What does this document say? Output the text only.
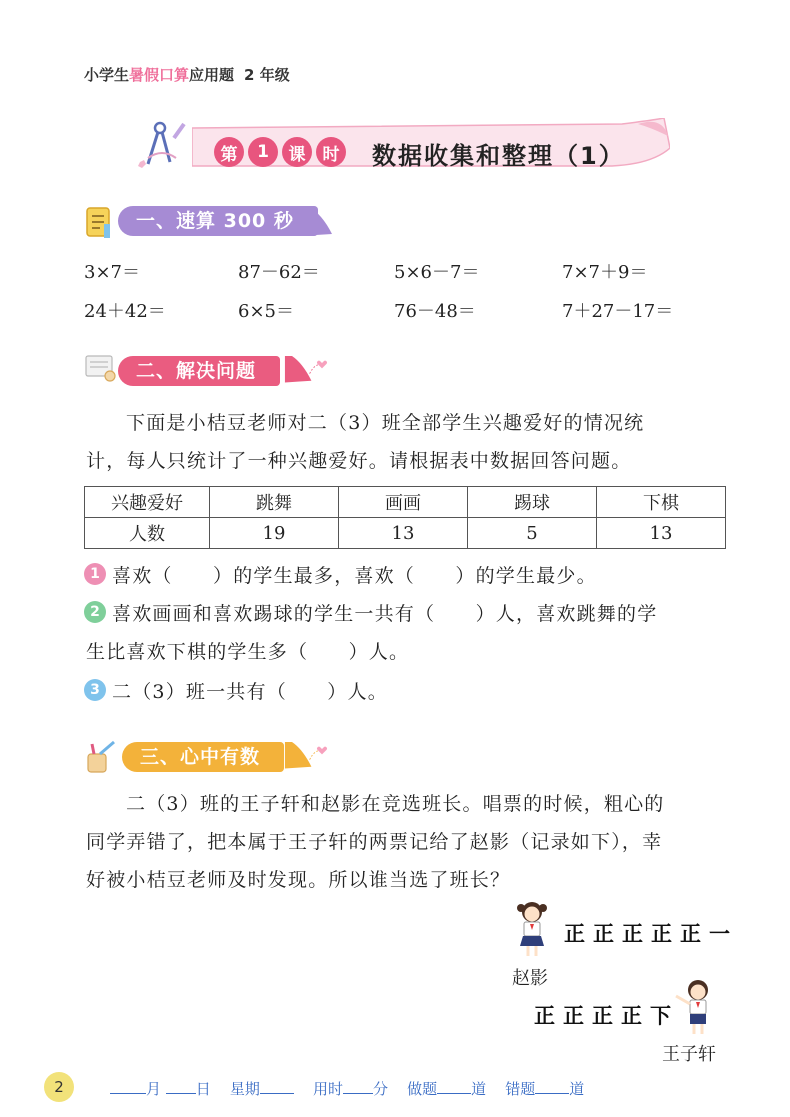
小学生暑假口算应用题 2 年级
第	1	课	时 数据收集和整理（1）
一、速算 300 秒
3×7＝	87－62＝	5×6－7＝	7×7＋9＝
24＋42＝	6×5＝	76－48＝	7＋27－17＝
二、解决问题
下面是小桔豆老师对二（3）班全部学生兴趣爱好的情况统
计，每人只统计了一种兴趣爱好。请根据表中数据回答问题。
兴趣爱好	跳舞	画画	踢球	下棋
人数	19	13	5	13
1 喜欢（　　）的学生最多，喜欢（　　）的学生最少。
2 喜欢画画和喜欢踢球的学生一共有（　　）人，喜欢跳舞的学
生比喜欢下棋的学生多（　　）人。
3 二（3）班一共有（　　）人。
三、心中有数
二（3）班的王子轩和赵影在竞选班长。唱票的时候，粗心的
同学弄错了，把本属于王子轩的两票记给了赵影（记录如下），幸
好被小桔豆老师及时发现。所以谁当选了班长？
正正正正正一
赵影
正正正正下
王子轩
2	月 日 星期	用时 分 做题 道 错题 道
